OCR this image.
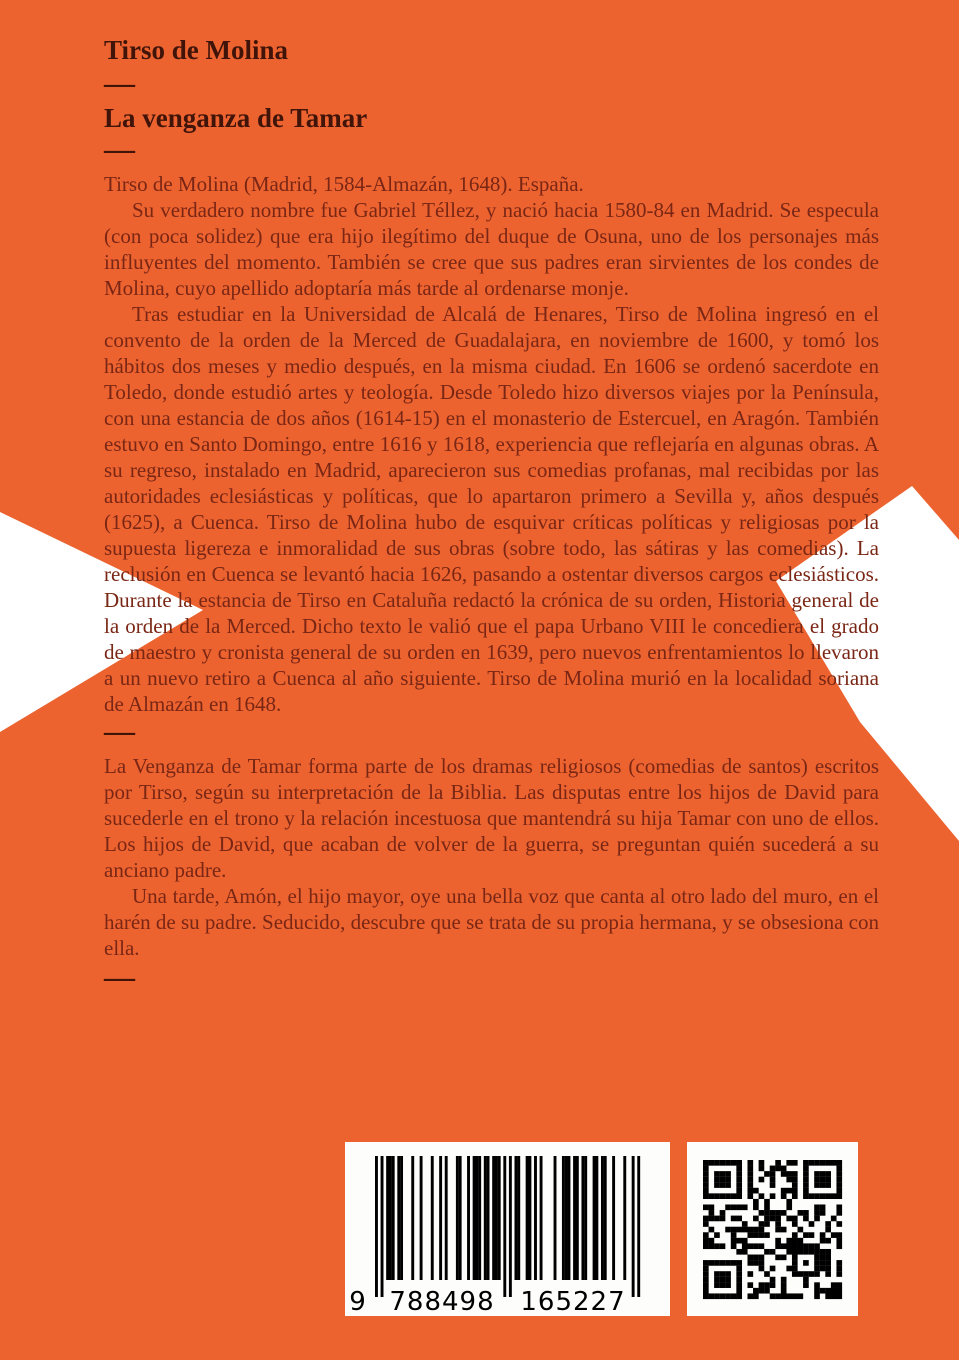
Tirso de Molina
—
La venganza de Tamar
—

Tirso de Molina (Madrid, 1584-Almazán, 1648). España.

Su verdadero nombre fue Gabriel Téllez, y nació hacia 1580-84 en Madrid. Se especula (con poca solidez) que era hijo ilegítimo del duque de Osuna, uno de los personajes más influyentes del momento. También se cree que sus padres eran sirvientes de los condes de Molina, cuyo apellido adoptaría más tarde al ordenarse monje.

Tras estudiar en la Universidad de Alcalá de Henares, Tirso de Molina ingresó en el convento de la orden de la Merced de Guadalajara, en noviembre de 1600, y tomó los hábitos dos meses y medio después, en la misma ciudad. En 1606 se ordenó sacerdote en Toledo, donde estudió artes y teología. Desde Toledo hizo diversos viajes por la Península, con una estancia de dos años (1614-15) en el monasterio de Estercuel, en Aragón. También estuvo en Santo Domingo, entre 1616 y 1618, experiencia que reflejaría en algunas obras. A su regreso, instalado en Madrid, aparecieron sus comedias profanas, mal recibidas por las autoridades eclesiásticas y políticas, que lo apartaron primero a Sevilla y, años después (1625), a Cuenca. Tirso de Molina hubo de esquivar críticas políticas y religiosas por la supuesta ligereza e inmoralidad de sus obras (sobre todo, las sátiras y las comedias). La reclusión en Cuenca se levantó hacia 1626, pasando a ostentar diversos cargos eclesiásticos. Durante la estancia de Tirso en Cataluña redactó la crónica de su orden, Historia general de la orden de la Merced. Dicho texto le valió que el papa Urbano VIII le concediera el grado de maestro y cronista general de su orden en 1639, pero nuevos enfrentamientos lo llevaron a un nuevo retiro a Cuenca al año siguiente. Tirso de Molina murió en la localidad soriana de Almazán en 1648.

—

La Venganza de Tamar forma parte de los dramas religiosos (comedias de santos) escritos por Tirso, según su interpretación de la Biblia. Las disputas entre los hijos de David para sucederle en el trono y la relación incestuosa que mantendrá su hija Tamar con uno de ellos. Los hijos de David, que acaban de volver de la guerra, se preguntan quién sucederá a su anciano padre.

Una tarde, Amón, el hijo mayor, oye una bella voz que canta al otro lado del muro, en el harén de su padre. Seducido, descubre que se trata de su propia hermana, y se obsesiona con ella.

—
9 788498 165227
